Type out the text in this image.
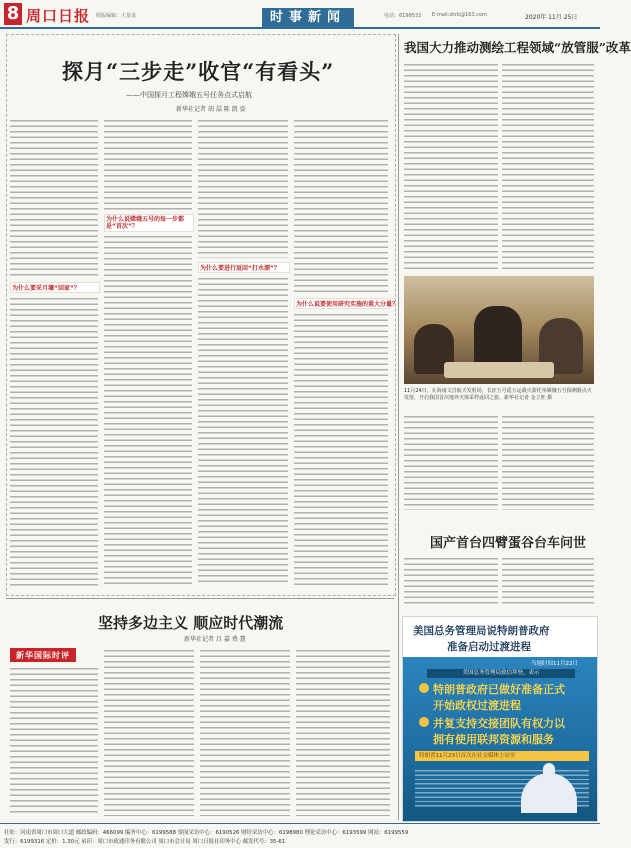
8 周口日报 组版编辑：大星成	时事新闻	电话：6199533 E-mail:zkrb@163.com	2020年 11月 25日
探月“三步走”收官“有看头”
——中国探月工程嫦娥五号任务点式启航
新华社记者 胡 喆 陈 凯 姿
为什么要采月壤“回家”？
为什么说嫦娥五号的每一步都是“首次”？
为什么要进行返回“打水漂”？
为什么说要使用研究实施的重大分量？
我国大力推动测绘工程领域“放管服”改革
11月24日，在海南文昌航天发射场，长征五号遥五运载火箭托举嫦娥五号探测器点火发射，开启我国首次地外天体采样返回之旅。新华社记者 金立旺 摄
国产首台四臂蛋谷台车问世
美国总务管理局说特朗普政府
准备启动过渡进程
当地时间11月22日
美国总务管理局致信拜登，表示
特朗普政府已做好准备正式
开始政权过渡进程
并复支持交接团队有权力以
拥有使用联邦资源和服务
特朗普11月23日首次在社交媒体上证实
坚持多边主义 顺应时代潮流
新华社记者 吕 嘉 费 慧
新华国际时评
社址：河南省周口市周口大道 邮政编码：466099 编务中心：6199588 要闻采访中心：6190526 财经采访中心：6198980 理论采访中心：6193599 网站：6199559
发行：6199316 定价：1.30元 承印：周口市政通印务有限公司 周口市会计局 周口日报社印务中心 邮发代号：35-61
